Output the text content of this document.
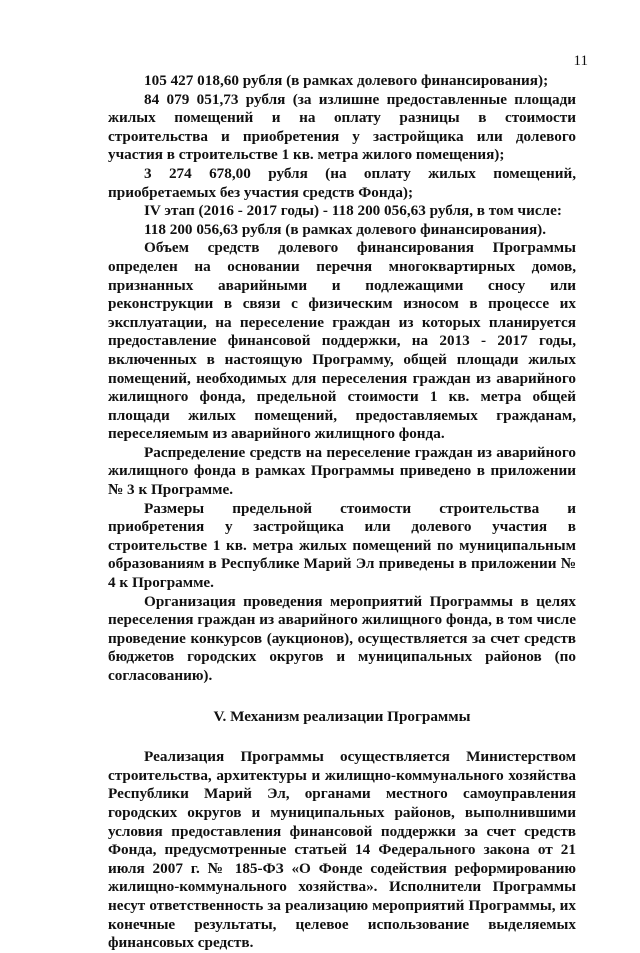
11

105 427 018,60 рубля (в рамках долевого финансирования);

84 079 051,73 рубля (за излишне предоставленные площади жилых помещений и на оплату разницы в стоимости строительства и приобретения у застройщика или долевого участия в строительстве 1 кв. метра жилого помещения);

3 274 678,00 рубля (на оплату жилых помещений, приобретаемых без участия средств Фонда);

IV этап (2016 - 2017 годы) - 118 200 056,63 рубля, в том числе:

118 200 056,63 рубля (в рамках долевого финансирования).

Объем средств долевого финансирования Программы определен на основании перечня многоквартирных домов, признанных аварийными и подлежащими сносу или реконструкции в связи с физическим износом в процессе их эксплуатации, на переселение граждан из которых планируется предоставление финансовой поддержки, на 2013 - 2017 годы, включенных в настоящую Программу, общей площади жилых помещений, необходимых для переселения граждан из аварийного жилищного фонда, предельной стоимости 1 кв. метра общей площади жилых помещений, предоставляемых гражданам, переселяемым из аварийного жилищного фонда.

Распределение средств на переселение граждан из аварийного жилищного фонда в рамках Программы приведено в приложении № 3 к Программе.

Размеры предельной стоимости строительства и приобретения у застройщика или долевого участия в строительстве 1 кв. метра жилых помещений по муниципальным образованиям в Республике Марий Эл приведены в приложении № 4 к Программе.

Организация проведения мероприятий Программы в целях переселения граждан из аварийного жилищного фонда, в том числе проведение конкурсов (аукционов), осуществляется за счет средств бюджетов городских округов и муниципальных районов (по согласованию).

V. Механизм реализации Программы

Реализация Программы осуществляется Министерством строительства, архитектуры и жилищно-коммунального хозяйства Республики Марий Эл, органами местного самоуправления городских округов и муниципальных районов, выполнившими условия предоставления финансовой поддержки за счет средств Фонда, предусмотренные статьей 14 Федерального закона от 21 июля 2007 г. № 185-ФЗ «О Фонде содействия реформированию жилищно-коммунального хозяйства». Исполнители Программы несут ответственность за реализацию мероприятий Программы, их конечные результаты, целевое использование выделяемых финансовых средств.
